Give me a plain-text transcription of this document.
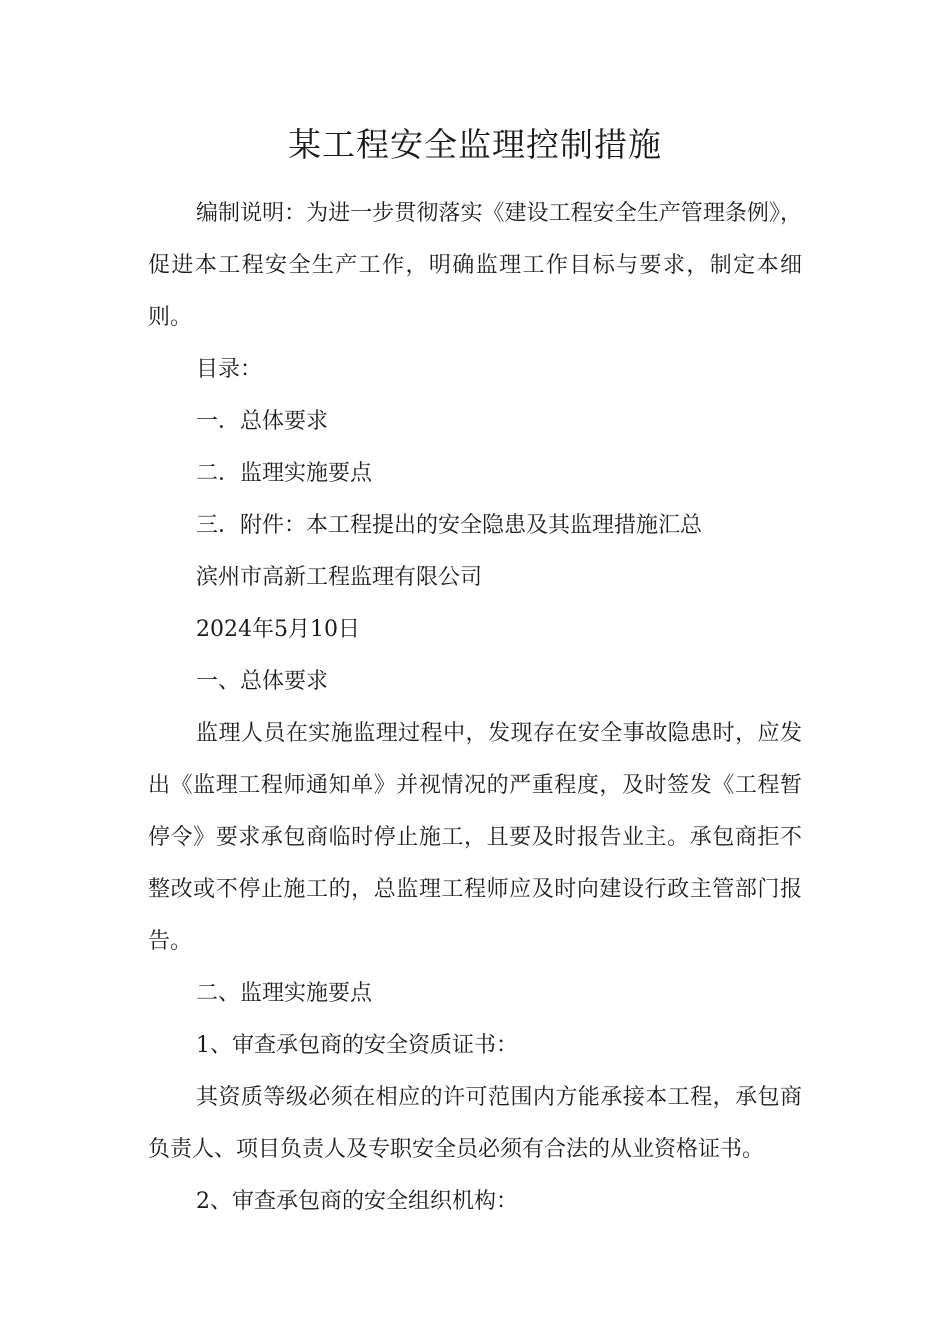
某工程安全监理控制措施

编制说明：为进一步贯彻落实《建设工程安全生产管理条例》，促进本工程安全生产工作，明确监理工作目标与要求，制定本细则。

目录：

一．总体要求

二．监理实施要点

三．附件：本工程提出的安全隐患及其监理措施汇总

滨州市高新工程监理有限公司

2024年5月10日

一、总体要求

监理人员在实施监理过程中，发现存在安全事故隐患时，应发出《监理工程师通知单》并视情况的严重程度，及时签发《工程暂停令》要求承包商临时停止施工，且要及时报告业主。承包商拒不整改或不停止施工的，总监理工程师应及时向建设行政主管部门报告。

二、监理实施要点

1、审查承包商的安全资质证书：

其资质等级必须在相应的许可范围内方能承接本工程，承包商负责人、项目负责人及专职安全员必须有合法的从业资格证书。

2、审查承包商的安全组织机构：
